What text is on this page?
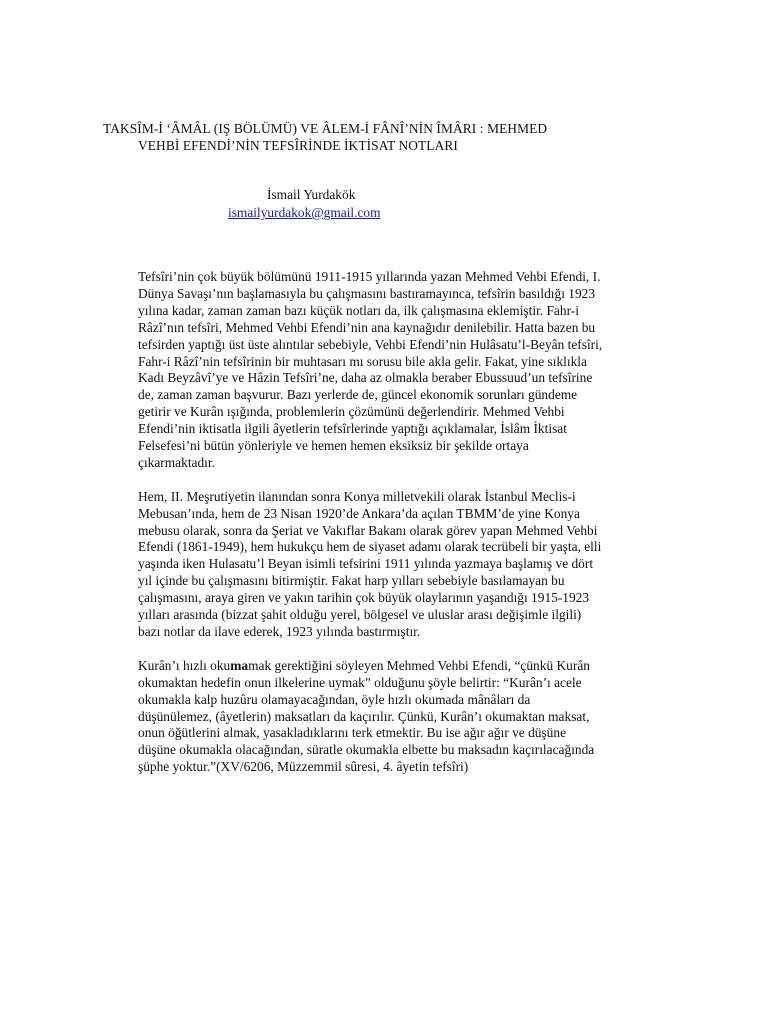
TAKSÎM-İ ‘ÂMÂL (IŞ BÖLÜMÜ) VE ÂLEM-İ FÂNÎ’NİN ÎMÂRI : MEHMED
VEHBİ EFENDİ’NİN TEFSÎRİNDE İKTİSAT NOTLARI
İsmail Yurdakök
ismailyurdakok@gmail.com

Tefsîri’nin çok büyük bölümünü 1911-1915 yıllarında yazan Mehmed Vehbi Efendi, I.
Dünya Savaşı’nın başlamasıyla bu çalışmasını bastıramayınca, tefsîrin basıldığı 1923
yılına kadar, zaman zaman bazı küçük notları da, ilk çalışmasına eklemiştir. Fahr-i
Râzî’nın tefsîri, Mehmed Vehbi Efendi’nin ana kaynağıdır denilebilir. Hatta bazen bu
tefsirden yaptığı üst üste alıntılar sebebiyle, Vehbi Efendi’nin Hulâsatu’l-Beyân tefsîri,
Fahr-i Râzî’nin tefsîrinin bir muhtasarı mı sorusu bile akla gelir. Fakat, yine sıklıkla
Kadı Beyzâvî’ye ve Hâzin Tefsîri’ne, daha az olmakla beraber Ebussuud’un tefsîrine
de, zaman zaman başvurur. Bazı yerlerde de, güncel ekonomik sorunları gündeme
getirir ve Kurân ışığında, problemlerin çözümünü değerlendirir. Mehmed Vehbi
Efendi’nin iktisatla ilgili âyetlerin tefsîrlerinde yaptığı açıklamalar, İslâm İktisat
Felsefesi’ni bütün yönleriyle ve hemen hemen eksiksiz bir şekilde ortaya
çıkarmaktadır.

Hem, II. Meşrutiyetin ilanından sonra Konya milletvekili olarak İstanbul Meclis-i
Mebusan’ında, hem de 23 Nisan 1920’de Ankara’da açılan TBMM’de yine Konya
mebusu olarak, sonra da Şeriat ve Vakıflar Bakanı olarak görev yapan Mehmed Vehbi
Efendi (1861-1949), hem hukukçu hem de siyaset adamı olarak tecrübeli bir yaşta, elli
yaşında iken Hulasatu’l Beyan isimli tefsirini 1911 yılında yazmaya başlamış ve dört
yıl içinde bu çalışmasını bitirmiştir. Fakat harp yılları sebebiyle basılamayan bu
çalışmasını, araya giren ve yakın tarihin çok büyük olaylarının yaşandığı 1915-1923
yılları arasında (bizzat şahit olduğu yerel, bölgesel ve uluslar arası değişimle ilgili)
bazı notlar da ilave ederek, 1923 yılında bastırmıştır.

Kurân’ı hızlı okumamak gerektiğini söyleyen Mehmed Vehbi Efendi, “çünkü Kurân
okumaktan hedefin onun ilkelerine uymak” olduğunu şöyle belirtir: “Kurân’ı acele
okumakla kalp huzûru olamayacağından, öyle hızlı okumada mânâları da
düşünülemez, (âyetlerin) maksatları da kaçırılır. Çünkü, Kurân’ı okumaktan maksat,
onun öğütlerini almak, yasakladıklarını terk etmektir. Bu ise ağır ağır ve düşüne
düşüne okumakla olacağından, süratle okumakla elbette bu maksadın kaçırılacağında
şüphe yoktur.”(XV/6206, Müzzemmil sûresi, 4. âyetin tefsîri)
